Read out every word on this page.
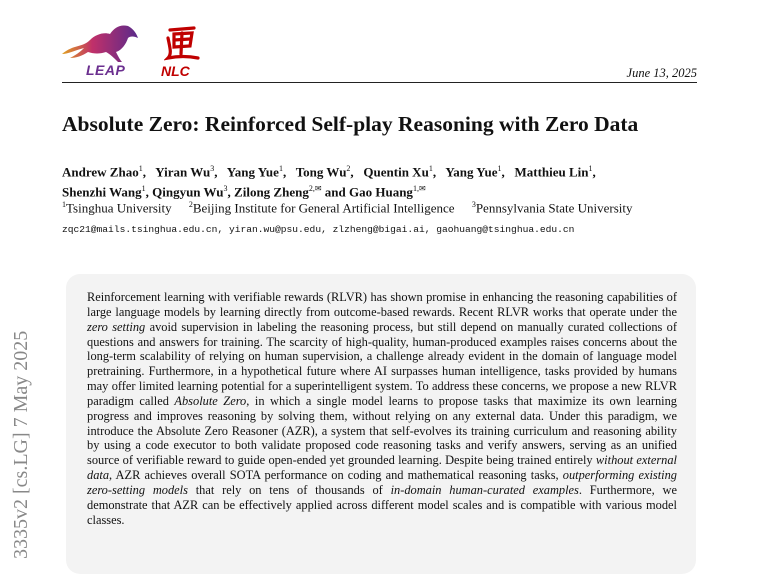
LEAP	NLC	June 13, 2025
Absolute Zero: Reinforced Self-play Reasoning with Zero Data
Andrew Zhao$^1$,   Yiran Wu$^3$,   Yang Yue$^1$,   Tong Wu$^2$,   Quentin Xu$^1$,   Yang Yue$^1$,   Matthieu Lin$^1$,
Shenzhi Wang$^1$, Qingyun Wu$^3$, Zilong Zheng$^{2,✉}$ and Gao Huang$^{1,✉}$
$^1$Tsinghua University $^2$Beijing Institute for General Artificial Intelligence $^3$Pennsylvania State University
zqc21@mails.tsinghua.edu.cn, yiran.wu@psu.edu, zlzheng@bigai.ai, gaohuang@tsinghua.edu.cn
3335v2 [cs.LG] 7 May 2025
Reinforcement learning with verifiable rewards (RLVR) has shown promise in enhancing the reasoning capabilities of large language models by learning directly from outcome-based rewards. Recent RLVR works that operate under the zero setting avoid supervision in labeling the reasoning process, but still depend on manually curated collections of questions and answers for training. The scarcity of high-quality, human-produced examples raises concerns about the long-term scalability of relying on human supervision, a challenge already evident in the domain of language model pretraining. Furthermore, in a hypothetical future where AI surpasses human intelligence, tasks provided by humans may offer limited learning potential for a superintelligent system. To address these concerns, we propose a new RLVR paradigm called Absolute Zero, in which a single model learns to propose tasks that maximize its own learning progress and improves reasoning by solving them, without relying on any external data. Under this paradigm, we introduce the Absolute Zero Reasoner (AZR), a system that self-evolves its training curriculum and reasoning ability by using a code executor to both validate proposed code reasoning tasks and verify answers, serving as an unified source of verifiable reward to guide open-ended yet grounded learning. Despite being trained entirely without external data, AZR achieves overall SOTA performance on coding and mathematical reasoning tasks, outperforming existing zero-setting models that rely on tens of thousands of in-domain human-curated examples. Furthermore, we demonstrate that AZR can be effectively applied across different model scales and is compatible with various model classes.
